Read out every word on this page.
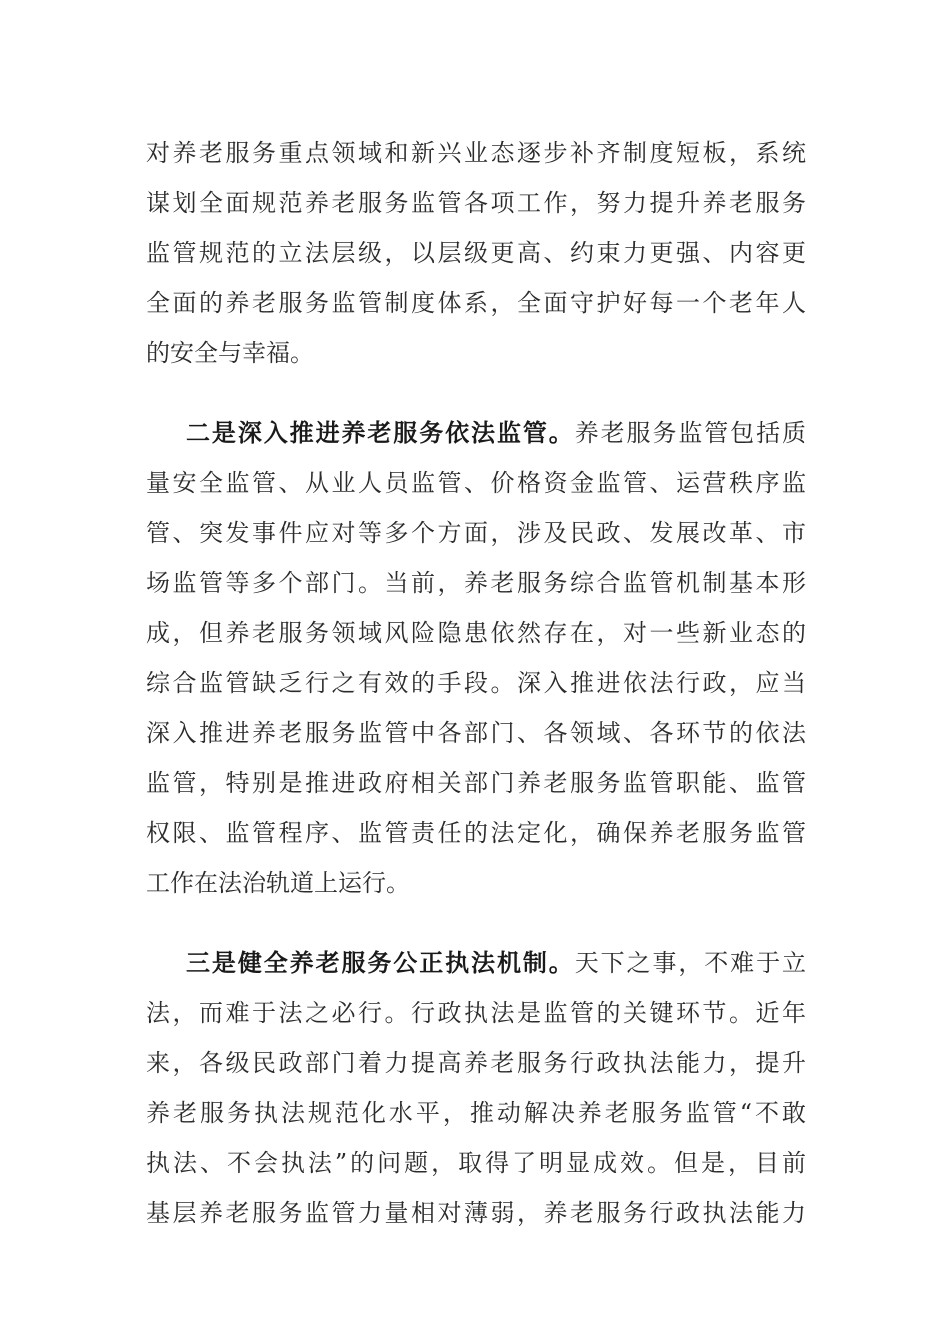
对养老服务重点领域和新兴业态逐步补齐制度短板，系统
谋划全面规范养老服务监管各项工作，努力提升养老服务
监管规范的立法层级，以层级更高、约束力更强、内容更
全面的养老服务监管制度体系，全面守护好每一个老年人
的安全与幸福。
二是深入推进养老服务依法监管。养老服务监管包括质
量安全监管、从业人员监管、价格资金监管、运营秩序监
管、突发事件应对等多个方面，涉及民政、发展改革、市
场监管等多个部门。当前，养老服务综合监管机制基本形
成，但养老服务领域风险隐患依然存在，对一些新业态的
综合监管缺乏行之有效的手段。深入推进依法行政，应当
深入推进养老服务监管中各部门、各领域、各环节的依法
监管，特别是推进政府相关部门养老服务监管职能、监管
权限、监管程序、监管责任的法定化，确保养老服务监管
工作在法治轨道上运行。
三是健全养老服务公正执法机制。天下之事，不难于立
法，而难于法之必行。行政执法是监管的关键环节。近年
来，各级民政部门着力提高养老服务行政执法能力，提升
养老服务执法规范化水平，推动解决养老服务监管“不敢
执法、不会执法”的问题，取得了明显成效。但是，目前
基层养老服务监管力量相对薄弱，养老服务行政执法能力
